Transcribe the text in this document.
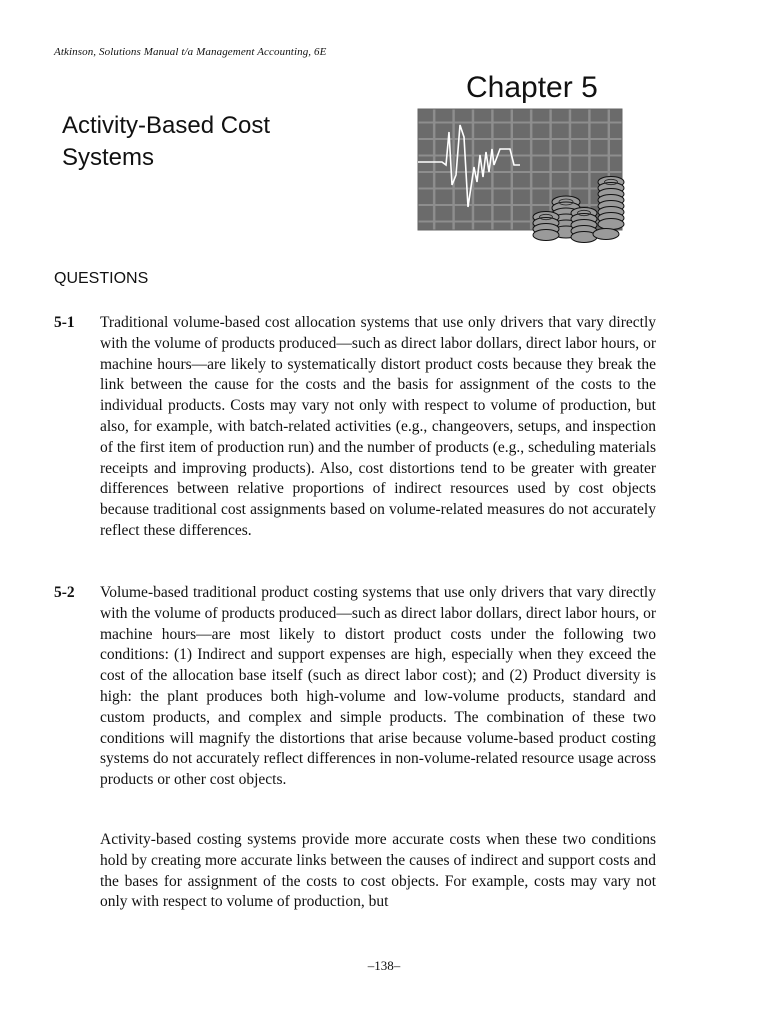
Atkinson, Solutions Manual t/a Management Accounting, 6E
Chapter 5
Activity-Based Cost
Systems
QUESTIONS
5-1	Traditional volume-based cost allocation systems that use only drivers that vary directly with the volume of products produced—such as direct labor dollars, direct labor hours, or machine hours—are likely to systematically distort product costs because they break the link between the cause for the costs and the basis for assignment of the costs to the individual products. Costs may vary not only with respect to volume of production, but also, for example, with batch-related activities (e.g., changeovers, setups, and inspection of the first item of production run) and the number of products (e.g., scheduling materials receipts and improving products). Also, cost distortions tend to be greater with greater differences between relative proportions of indirect resources used by cost objects because traditional cost assignments based on volume-related measures do not accurately reflect these differences.

5-2	Volume-based traditional product costing systems that use only drivers that vary directly with the volume of products produced—such as direct labor dollars, direct labor hours, or machine hours—are most likely to distort product costs under the following two conditions: (1) Indirect and support expenses are high, especially when they exceed the cost of the allocation base itself (such as direct labor cost); and (2) Product diversity is high: the plant produces both high-volume and low-volume products, standard and custom products, and complex and simple products. The combination of these two conditions will magnify the distortions that arise because volume-based product costing systems do not accurately reflect differences in non-volume-related resource usage across products or other cost objects.

Activity-based costing systems provide more accurate costs when these two conditions hold by creating more accurate links between the causes of indirect and support costs and the bases for assignment of the costs to cost objects. For example, costs may vary not only with respect to volume of production, but

–138–
